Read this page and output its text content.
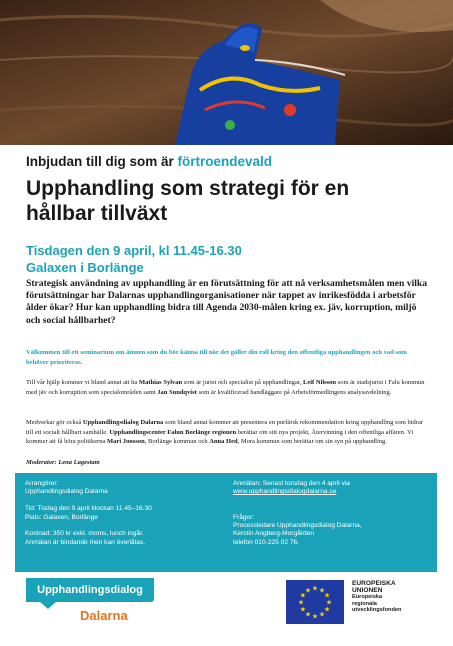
Inbjudan till dig som är förtroendevald
Upphandling som strategi för en
hållbar tillväxt
Tisdagen den 9 april, kl 11.45-16.30
Galaxen i Borlänge
Strategisk användning av upphandling är en förutsättning för att nå verksamhetsmålen men vilka förutsättningar har Dalarnas upphandlingorganisationer när tappet av inrikesfödda i arbetsför ålder ökar? Hur kan upphandling bidra till Agenda 2030-målen kring ex. jäv, korruption, miljö och social hållbarhet?
Välkommen till ett seminarium om ämnen som du bör känna till när det gäller din roll kring den offentliga upphandlingen och vad som behöver prioriteras.
Till vår hjälp kommer vi bland annat att ha Mathias Sylvan som är jurist och specialist på upphandlingar, Leif Nilsson som är stadsjurist i Falu kommun med jäv och korruption som specialområden samt Jan Sundqvist som är kvalificerad handläggare på Arbetsförmedlingens analysavdelning.
Medverkar gör också Upphandlingsdialog Dalarna som bland annat kommer att presentera en purfärsk rekommendation kring upphandling som bidrar till ett socialt hållbart samhälle. Upphandlingscenter Falun Borlänge regionen berättar om sitt nya projekt, Återvinning i den offentliga affären. Vi kommer att få höra politikerna Mari Jonsson, Borlänge kommun och Anna Hed, Mora kommun som berättar om sin syn på upphandling.
Moderator: Lena Lagestam
Arrangörer:
Upphandlingsdialog Dalarna
Tid: Tisdag den 9 april klockan 11.45–16.30
Plats: Galaxen, Borlänge
Kostnad: 350 kr exkl. moms, lunch ingår.
Anmälan är bindande men kan överlåtas.
Anmälan: Senast torsdag den 4 april via
www.upphandlingsdialogdalarna.se
Frågor:
Processledare Upphandlingsdialog Dalarna,
Kerstin Angberg-Morgården
telefon 010-225 02 76.
Upphandlingsdialog
Dalarna
★ ★
★
★
★
★
★
★
★
★
★
★
EUROPEISKA
UNIONEN
Europeiska
regionala
utvecklingsfonden
